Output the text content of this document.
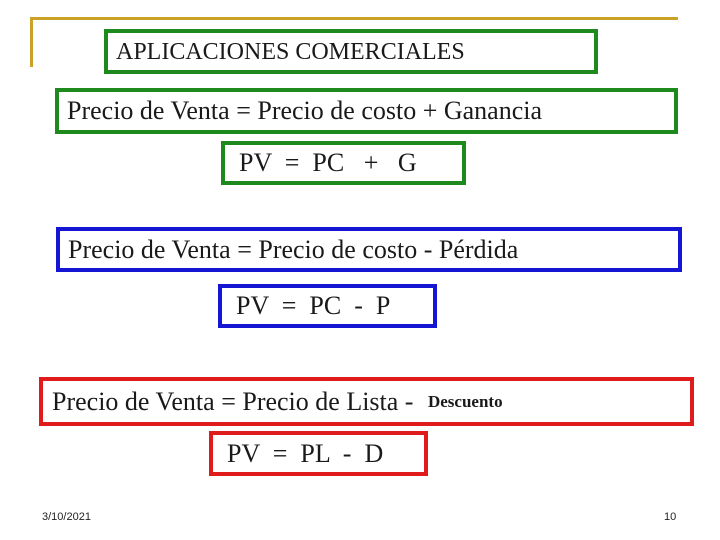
APLICACIONES COMERCIALES
Precio de Venta = Precio de costo + Ganancia
PV  =  PC   +   G
Precio de Venta = Precio de costo - Pérdida
PV  =  PC  -  P
Precio de Venta = Precio de Lista - Descuento
PV  =  PL  -  D
3/10/2021	10
